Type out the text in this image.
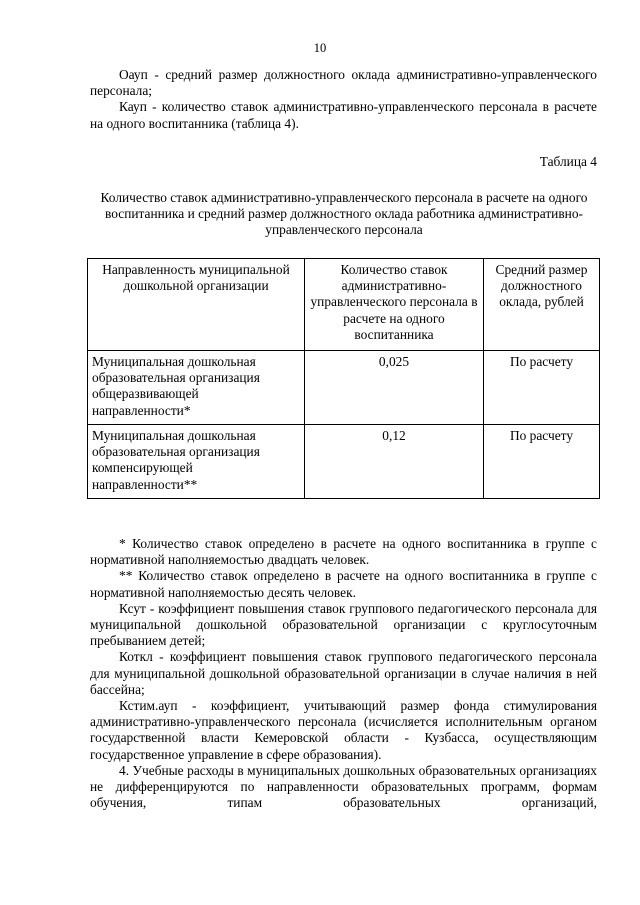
10

Оауп - средний размер должностного оклада административно-управленческого персонала;

Кауп - количество ставок административно-управленческого персонала в расчете на одного воспитанника (таблица 4).

Таблица 4
Количество ставок административно-управленческого персонала в расчете на одного воспитанника и средний размер должностного оклада работника административно-управленческого персонала
Направленность муниципальной дошкольной организации	Количество ставок административно-управленческого персонала в расчете на одного воспитанника	Средний размер должностного оклада, рублей
Муниципальная дошкольная образовательная организация общеразвивающей направленности*	0,025	По расчету
Муниципальная дошкольная образовательная организация компенсирующей направленности**	0,12	По расчету

* Количество ставок определено в расчете на одного воспитанника в группе с нормативной наполняемостью двадцать человек.

** Количество ставок определено в расчете на одного воспитанника в группе с нормативной наполняемостью десять человек.

Ксут - коэффициент повышения ставок группового педагогического персонала для муниципальной дошкольной образовательной организации с круглосуточным пребыванием детей;

Коткл - коэффициент повышения ставок группового педагогического персонала для муниципальной дошкольной образовательной организации в случае наличия в ней бассейна;

Кстим.ауп - коэффициент, учитывающий размер фонда стимулирования административно-управленческого персонала (исчисляется исполнительным органом государственной власти Кемеровской области - Кузбасса, осуществляющим государственное управление в сфере образования).

4. Учебные расходы в муниципальных дошкольных образовательных организациях не дифференцируются по направленности образовательных программ, формам обучения, типам образовательных организаций,
